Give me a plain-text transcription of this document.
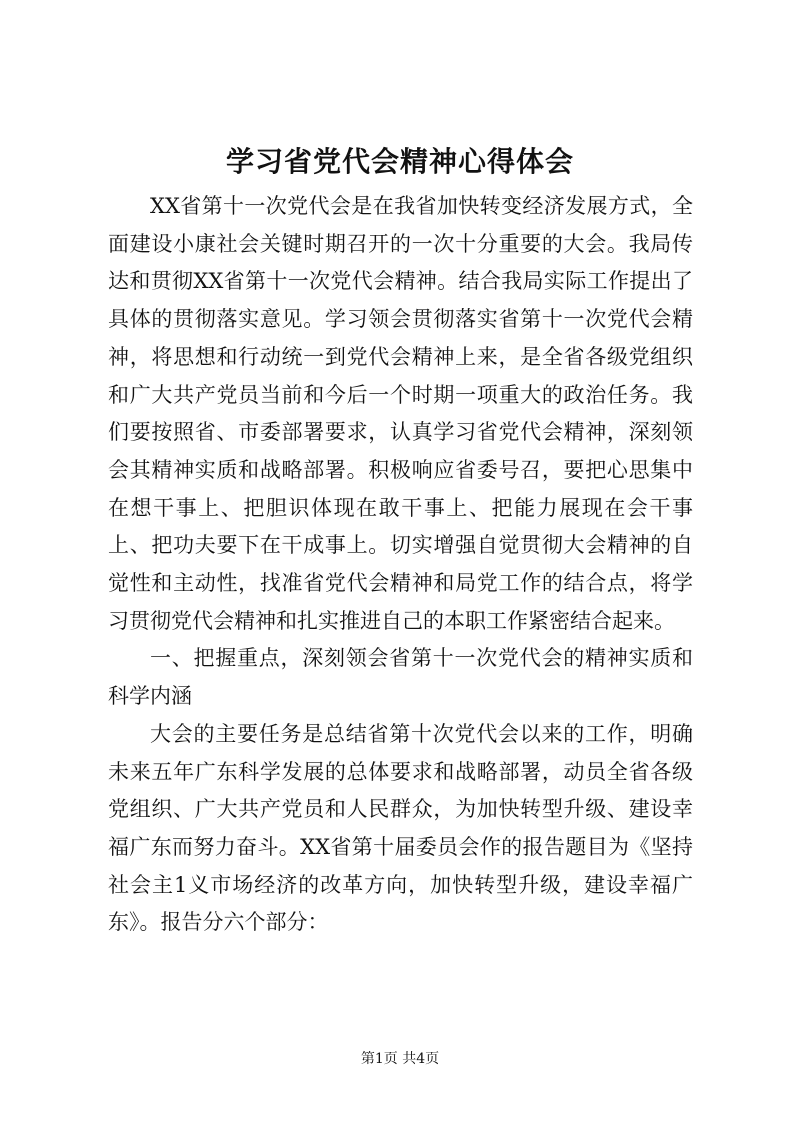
学习省党代会精神心得体会

XX省第十一次党代会是在我省加快转变经济发展方式，全面建设小康社会关键时期召开的一次十分重要的大会。我局传达和贯彻XX省第十一次党代会精神。结合我局实际工作提出了具体的贯彻落实意见。学习领会贯彻落实省第十一次党代会精神，将思想和行动统一到党代会精神上来，是全省各级党组织和广大共产党员当前和今后一个时期一项重大的政治任务。我们要按照省、市委部署要求，认真学习省党代会精神，深刻领会其精神实质和战略部署。积极响应省委号召，要把心思集中在想干事上、把胆识体现在敢干事上、把能力展现在会干事上、把功夫要下在干成事上。切实增强自觉贯彻大会精神的自觉性和主动性，找准省党代会精神和局党工作的结合点，将学习贯彻党代会精神和扎实推进自己的本职工作紧密结合起来。

一、把握重点，深刻领会省第十一次党代会的精神实质和科学内涵

大会的主要任务是总结省第十次党代会以来的工作，明确未来五年广东科学发展的总体要求和战略部署，动员全省各级党组织、广大共产党员和人民群众，为加快转型升级、建设幸福广东而努力奋斗。XX省第十届委员会作的报告题目为《坚持社会主1义市场经济的改革方向，加快转型升级，建设幸福广东》。报告分六个部分：

第1页 共4页
